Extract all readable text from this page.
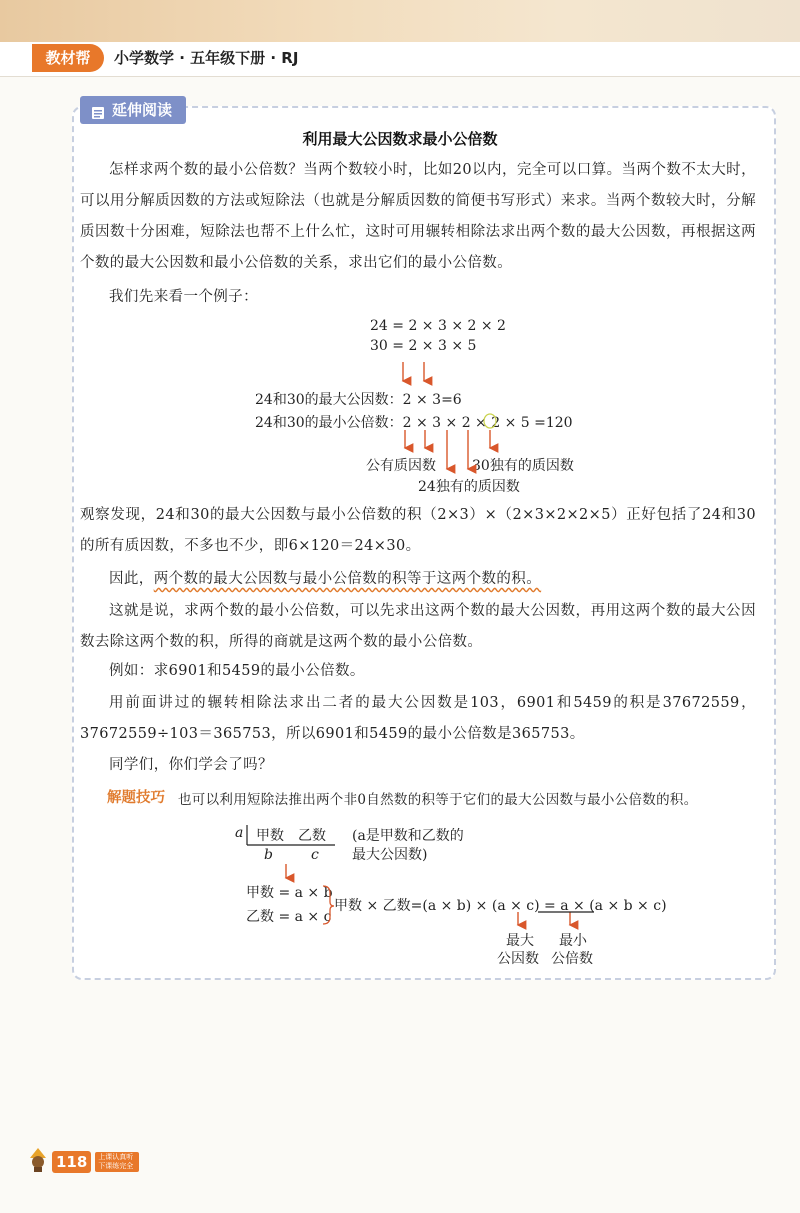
教材帮	小学数学 · 五年级下册 · RJ
延伸阅读
利用最大公因数求最小公倍数
怎样求两个数的最小公倍数？当两个数较小时，比如20以内，完全可以口算。当两个数不太大时，可以用分解质因数的方法或短除法（也就是分解质因数的简便书写形式）来求。当两个数较大时，分解质因数十分困难，短除法也帮不上什么忙，这时可用辗转相除法求出两个数的最大公因数，再根据这两个数的最大公因数和最小公倍数的关系，求出它们的最小公倍数。
我们先来看一个例子：
24 = 2 × 3 × 2 × 2
30 = 2 × 3 × 5
24和30的最大公因数：2 × 3=6
24和30的最小公倍数：2 × 3 × 2 × 2 × 5 =120
公有质因数	30独有的质因数
24独有的质因数
观察发现，24和30的最大公因数与最小公倍数的积（2×3）×（2×3×2×2×5）正好包括了24和30的所有质因数，不多也不少，即6×120＝24×30。
因此，两个数的最大公因数与最小公倍数的积等于这两个数的积。
这就是说，求两个数的最小公倍数，可以先求出这两个数的最大公因数，再用这两个数的最大公因数去除这两个数的积，所得的商就是这两个数的最小公倍数。
例如：求6901和5459的最小公倍数。
用前面讲过的辗转相除法求出二者的最大公因数是103，6901和5459的积是37672559，37672559÷103＝365753，所以6901和5459的最小公倍数是365753。
同学们，你们学会了吗？
解题技巧 也可以利用短除法推出两个非0自然数的积等于它们的最大公因数与最小公倍数的积。
a 甲数　乙数 (a是甲数和乙数的
最大公因数)
b	c
甲数 = a × b
乙数 = a × c
甲数 × 乙数=(a × b) × (a × c) = a × (a × b × c)
最大
公因数
最小
公倍数
118	上课认真听 下课练完全
